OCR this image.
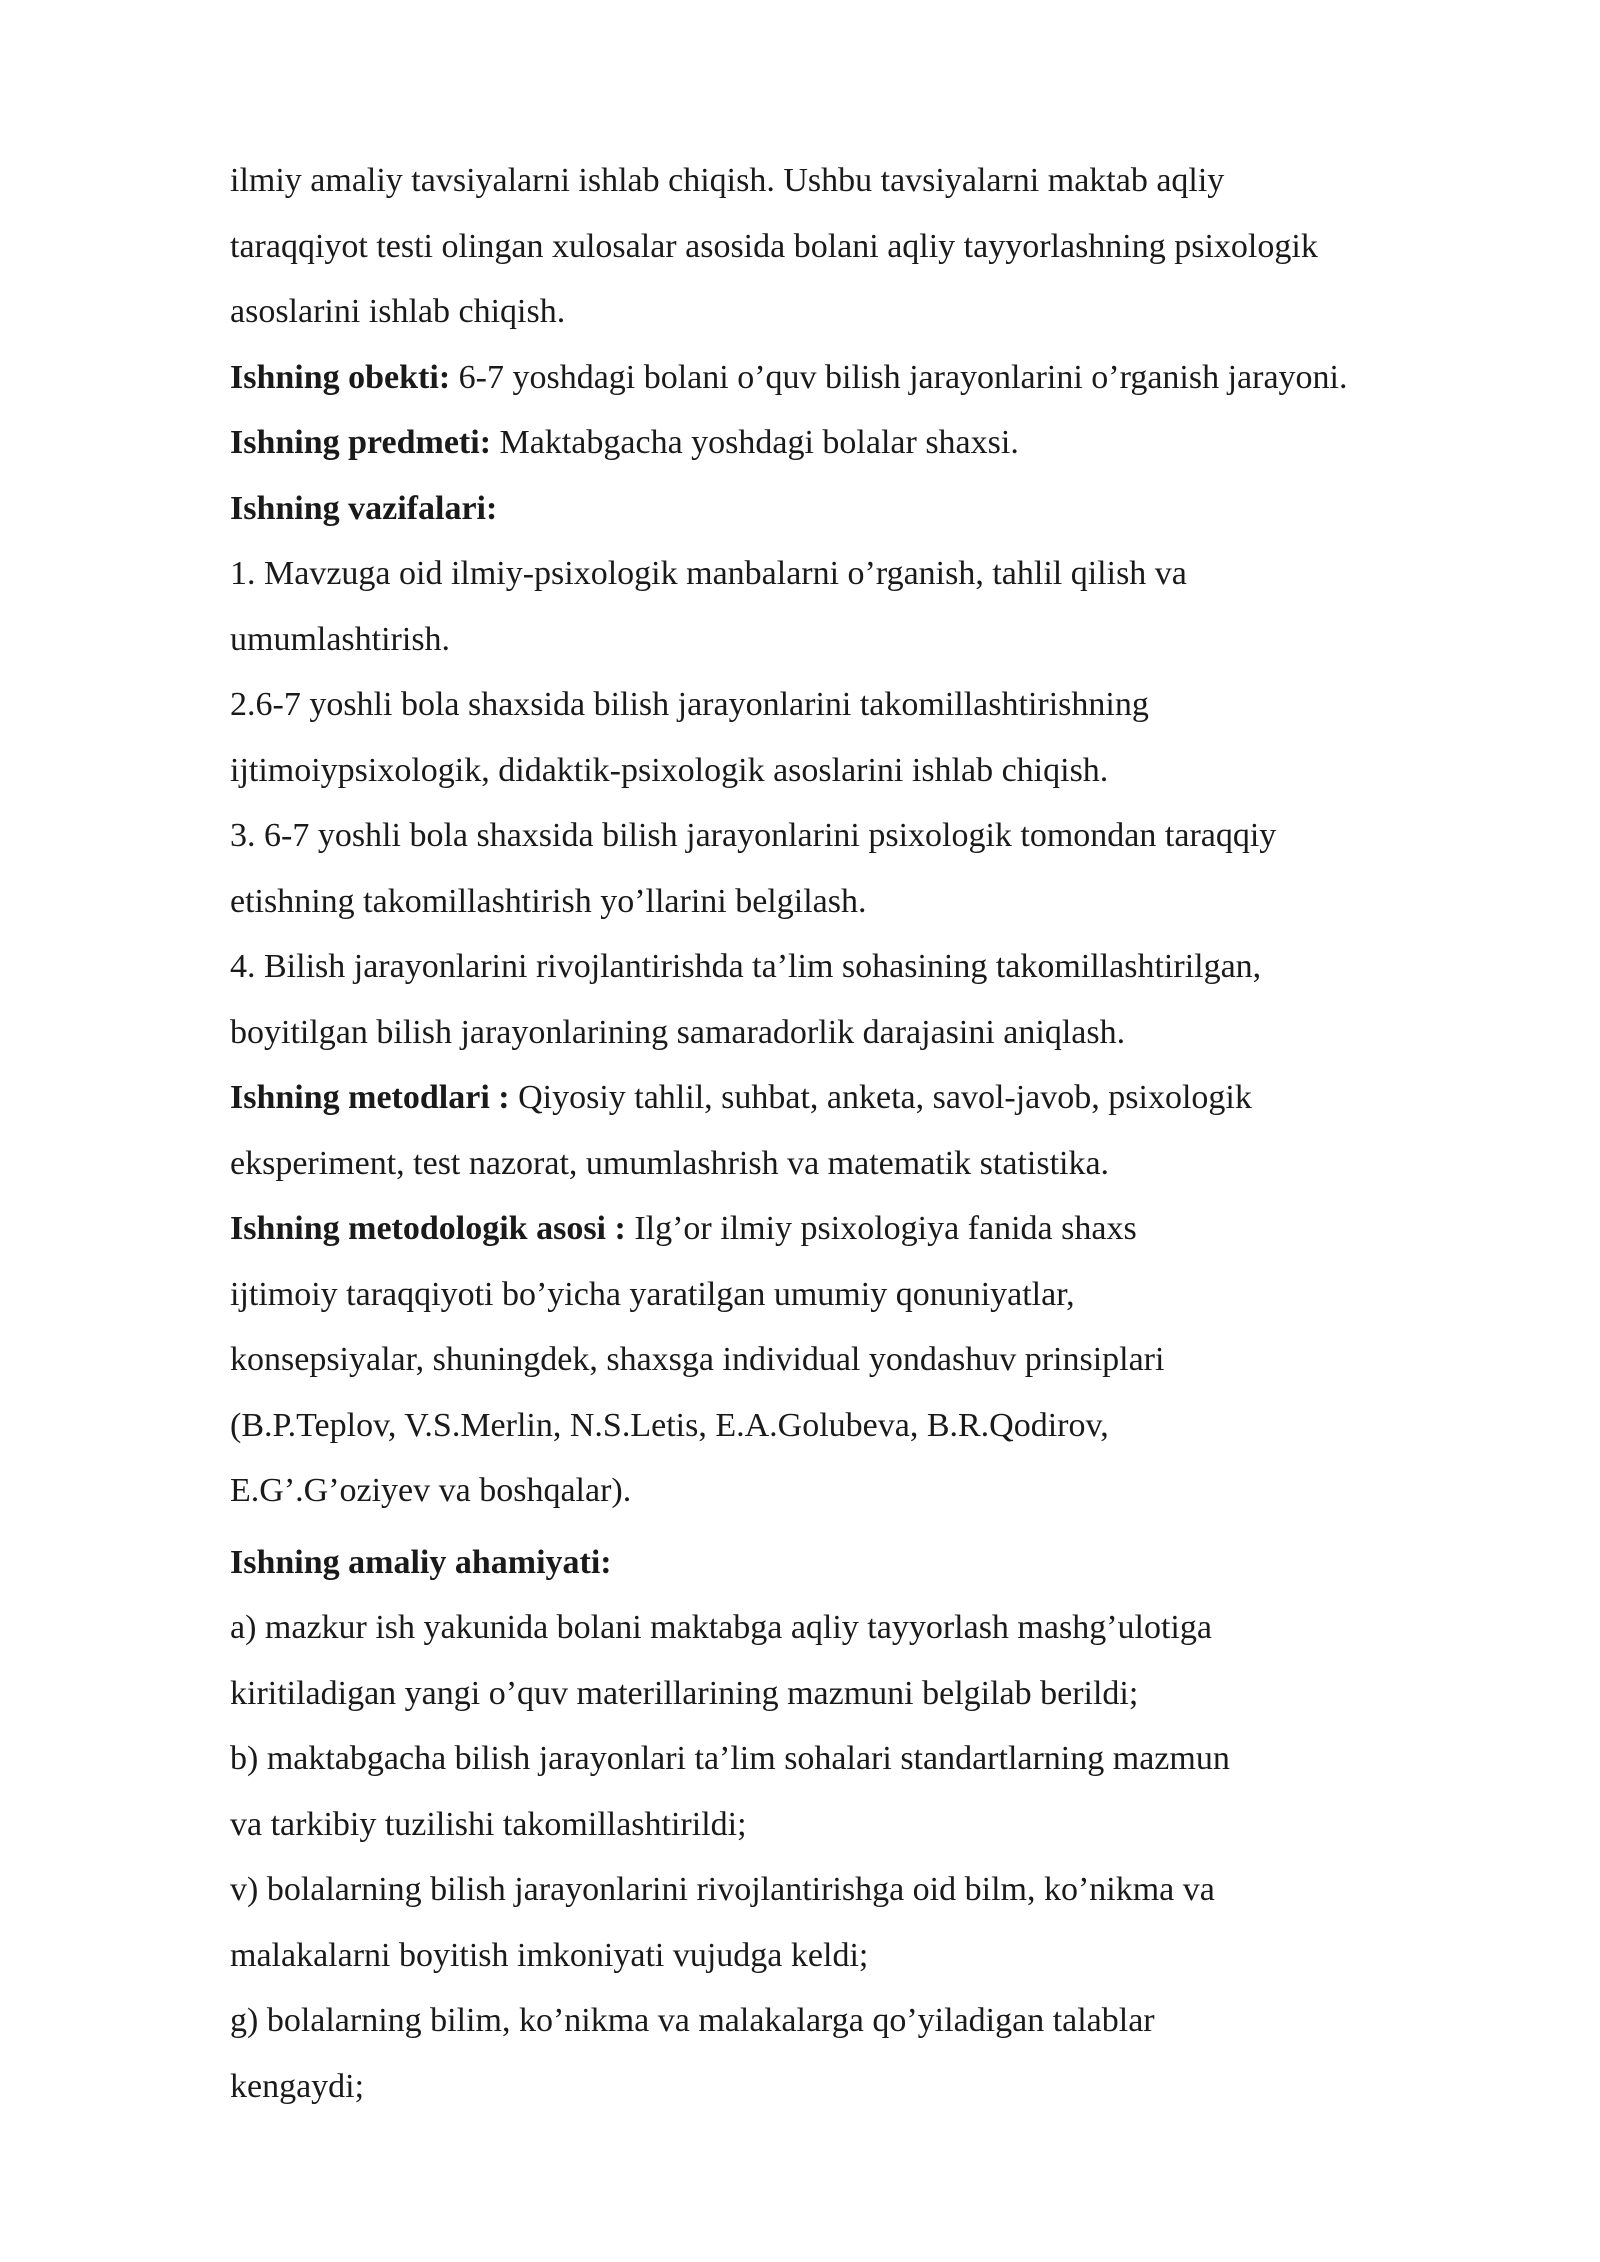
ilmiy amaliy tavsiyalarni ishlab chiqish. Ushbu tavsiyalarni maktab aqliy
taraqqiyot testi olingan xulosalar asosida bolani aqliy tayyorlashning psixologik
asoslarini ishlab chiqish.
Ishning obekti: 6-7 yoshdagi bolani o’quv bilish jarayonlarini o’rganish jarayoni.
Ishning predmeti: Maktabgacha yoshdagi bolalar shaxsi.
Ishning vazifalari:
1. Mavzuga oid ilmiy-psixologik manbalarni o’rganish, tahlil qilish va
umumlashtirish.
2.6-7 yoshli bola shaxsida bilish jarayonlarini takomillashtirishning
ijtimoiypsixologik, didaktik-psixologik asoslarini ishlab chiqish.
3. 6-7 yoshli bola shaxsida bilish jarayonlarini psixologik tomondan taraqqiy
etishning takomillashtirish yo’llarini belgilash.
4. Bilish jarayonlarini rivojlantirishda ta’lim sohasining takomillashtirilgan,
boyitilgan bilish jarayonlarining samaradorlik darajasini aniqlash.
Ishning metodlari : Qiyosiy tahlil, suhbat, anketa, savol-javob, psixologik
eksperiment, test nazorat, umumlashrish va matematik statistika.
Ishning metodologik asosi : Ilg’or ilmiy psixologiya fanida shaxs
ijtimoiy taraqqiyoti bo’yicha yaratilgan umumiy qonuniyatlar,
konsepsiyalar, shuningdek, shaxsga individual yondashuv prinsiplari
(B.P.Teplov, V.S.Merlin, N.S.Letis, E.A.Golubeva, B.R.Qodirov,
E.G’.G’oziyev va boshqalar).
Ishning amaliy ahamiyati:
a) mazkur ish yakunida bolani maktabga aqliy tayyorlash mashg’ulotiga
kiritiladigan yangi o’quv materillarining mazmuni belgilab berildi;
b) maktabgacha bilish jarayonlari ta’lim sohalari standartlarning mazmun
va tarkibiy tuzilishi takomillashtirildi;
v) bolalarning bilish jarayonlarini rivojlantirishga oid bilm, ko’nikma va
malakalarni boyitish imkoniyati vujudga keldi;
g) bolalarning bilim, ko’nikma va malakalarga qo’yiladigan talablar
kengaydi;
